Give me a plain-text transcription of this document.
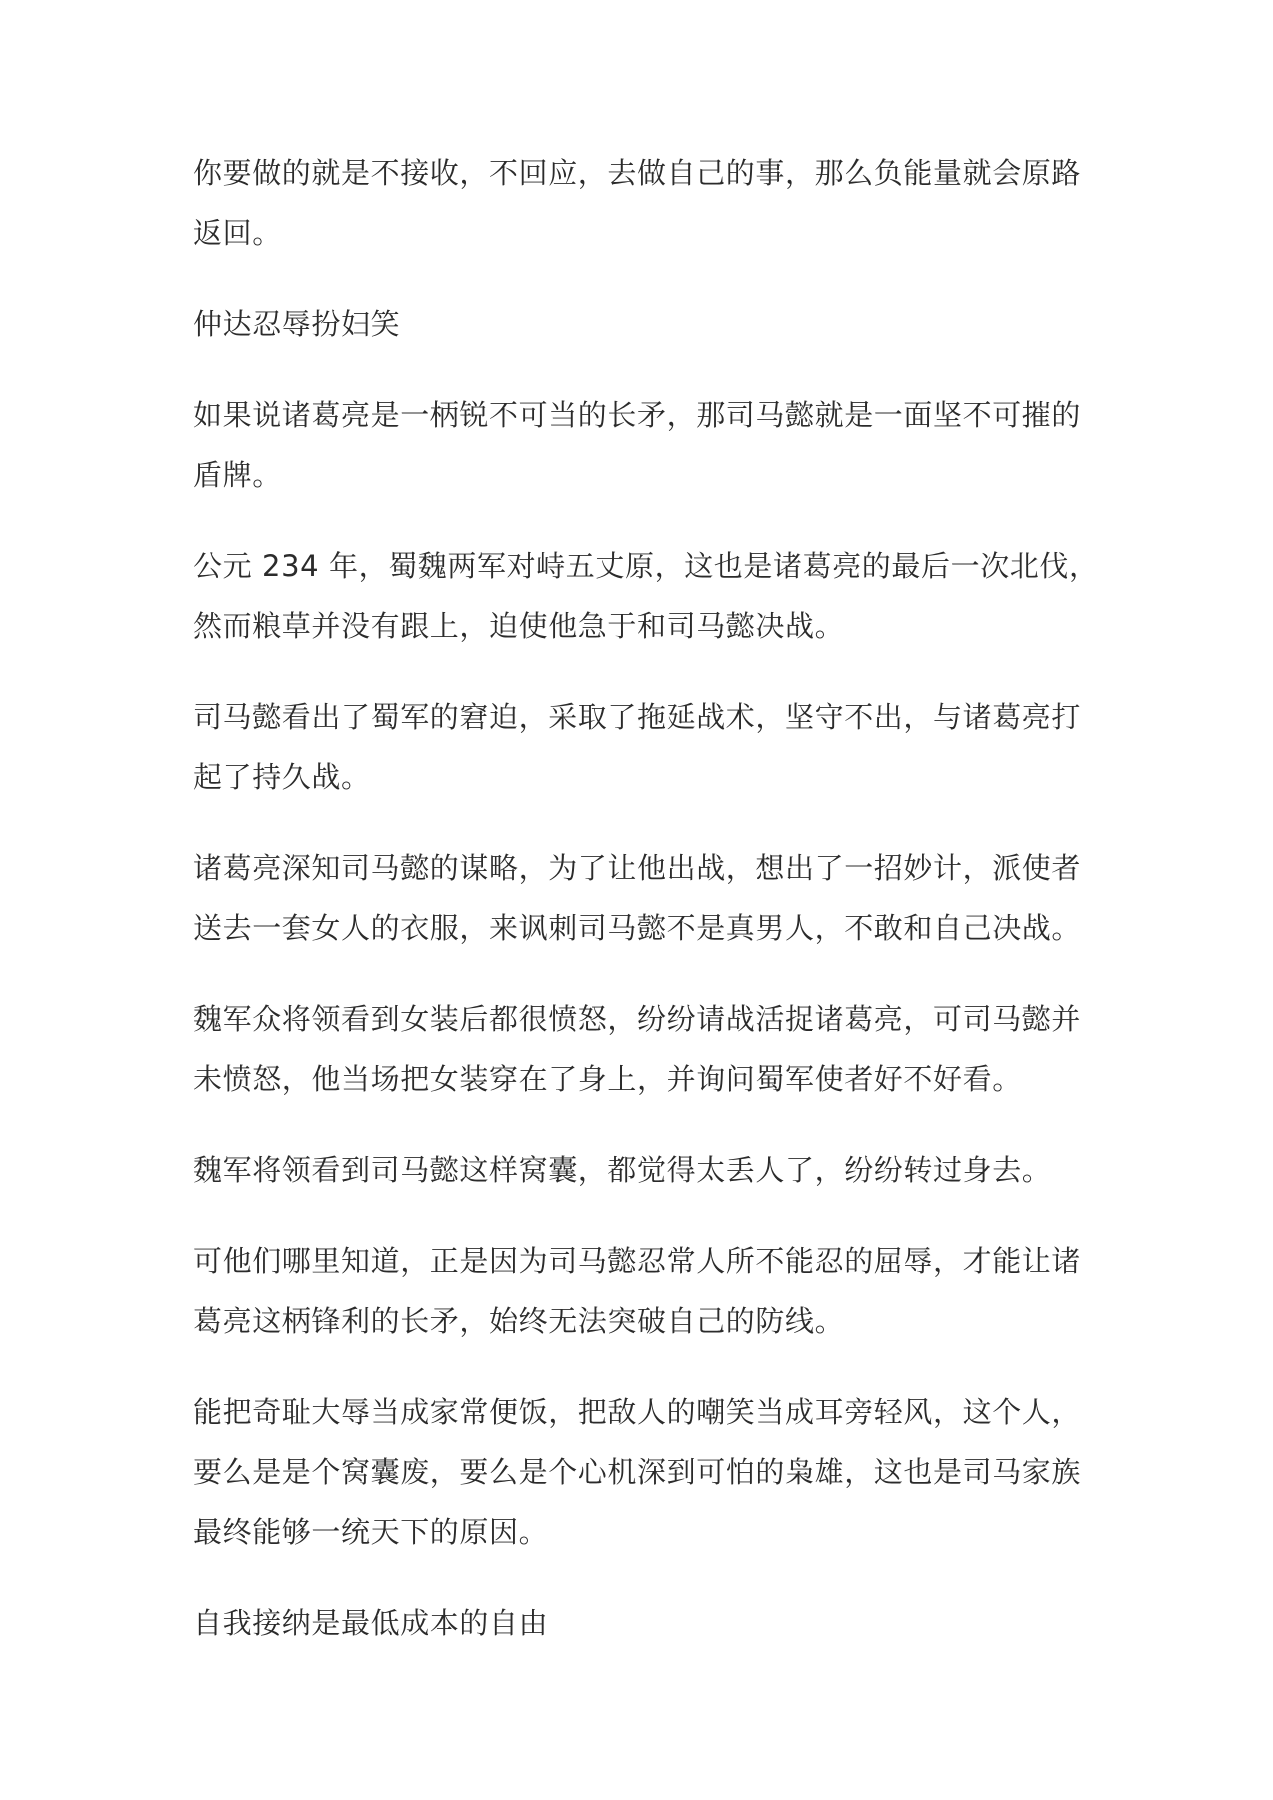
你要做的就是不接收，不回应，去做自己的事，那么负能量就会原路
返回。

仲达忍辱扮妇笑

如果说诸葛亮是一柄锐不可当的长矛，那司马懿就是一面坚不可摧的
盾牌。

公元 234 年，蜀魏两军对峙五丈原，这也是诸葛亮的最后一次北伐，
然而粮草并没有跟上，迫使他急于和司马懿决战。

司马懿看出了蜀军的窘迫，采取了拖延战术，坚守不出，与诸葛亮打
起了持久战。

诸葛亮深知司马懿的谋略，为了让他出战，想出了一招妙计，派使者
送去一套女人的衣服，来讽刺司马懿不是真男人，不敢和自己决战。

魏军众将领看到女装后都很愤怒，纷纷请战活捉诸葛亮，可司马懿并
未愤怒，他当场把女装穿在了身上，并询问蜀军使者好不好看。

魏军将领看到司马懿这样窝囊，都觉得太丢人了，纷纷转过身去。

可他们哪里知道，正是因为司马懿忍常人所不能忍的屈辱，才能让诸
葛亮这柄锋利的长矛，始终无法突破自己的防线。

能把奇耻大辱当成家常便饭，把敌人的嘲笑当成耳旁轻风，这个人，
要么是是个窝囊废，要么是个心机深到可怕的枭雄，这也是司马家族
最终能够一统天下的原因。

自我接纳是最低成本的自由
